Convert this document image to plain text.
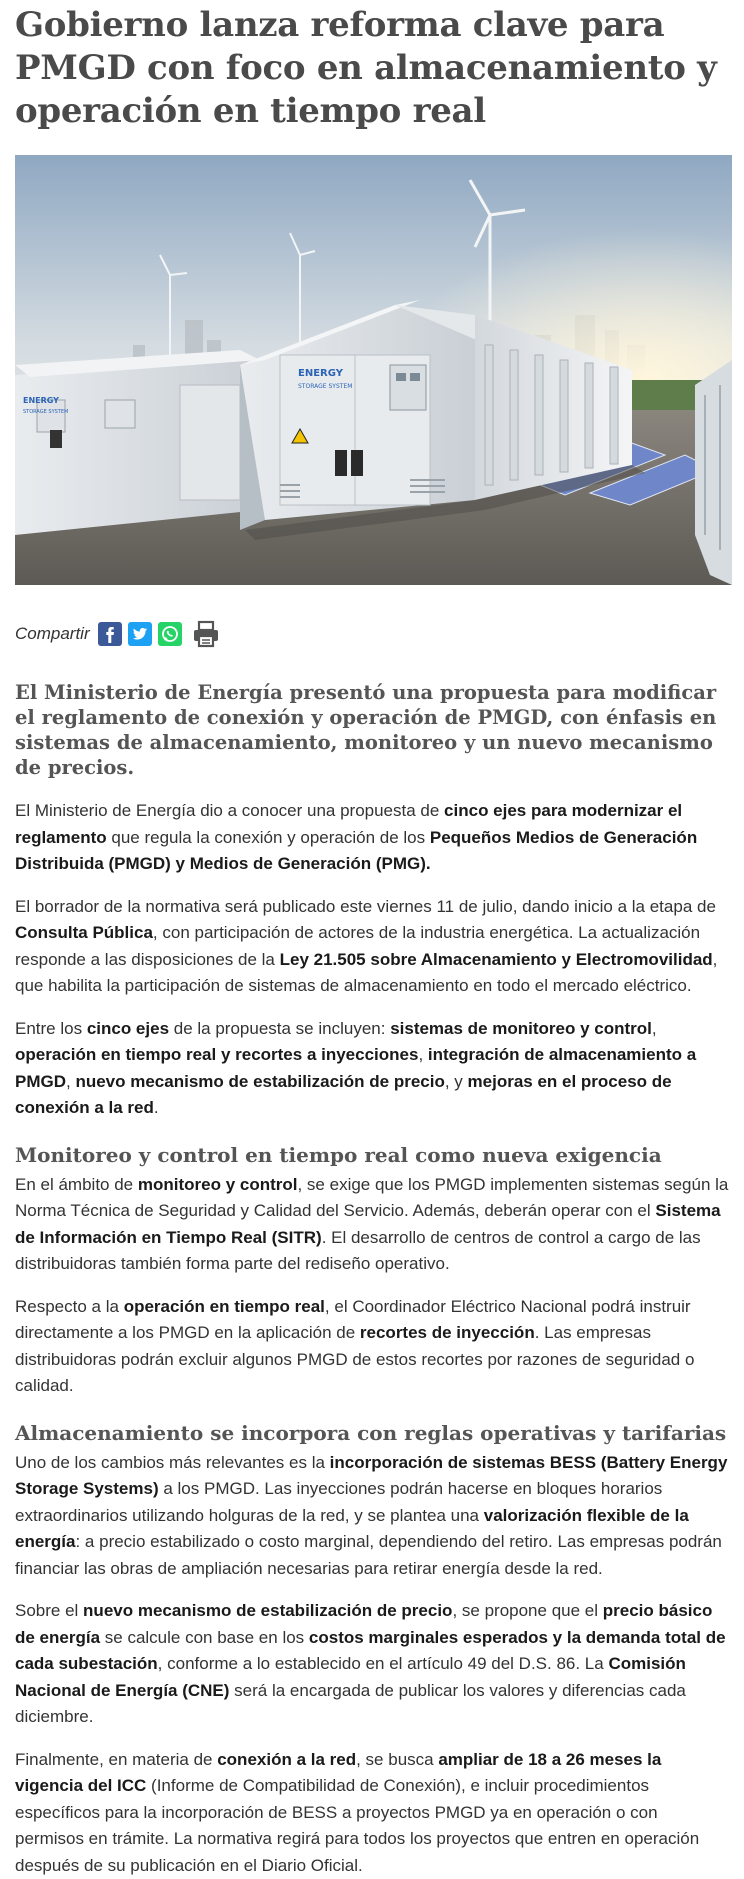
Gobierno lanza reforma clave para PMGD con foco en almacenamiento y operación en tiempo real
ENERGY
STORAGE SYSTEM
ENERGY
STORAGE SYSTEM
Compartir
El Ministerio de Energía presentó una propuesta para modificar el reglamento de conexión y operación de PMGD, con énfasis en sistemas de almacenamiento, monitoreo y un nuevo mecanismo de precios.

El Ministerio de Energía dio a conocer una propuesta de cinco ejes para modernizar el reglamento que regula la conexión y operación de los Pequeños Medios de Generación Distribuida (PMGD) y Medios de Generación (PMG).

El borrador de la normativa será publicado este viernes 11 de julio, dando inicio a la etapa de Consulta Pública, con participación de actores de la industria energética. La actualización responde a las disposiciones de la Ley 21.505 sobre Almacenamiento y Electromovilidad, que habilita la participación de sistemas de almacenamiento en todo el mercado eléctrico.

Entre los cinco ejes de la propuesta se incluyen: sistemas de monitoreo y control, operación en tiempo real y recortes a inyecciones, integración de almacenamiento a PMGD, nuevo mecanismo de estabilización de precio, y mejoras en el proceso de conexión a la red.

Monitoreo y control en tiempo real como nueva exigencia

En el ámbito de monitoreo y control, se exige que los PMGD implementen sistemas según la Norma Técnica de Seguridad y Calidad del Servicio. Además, deberán operar con el Sistema de Información en Tiempo Real (SITR). El desarrollo de centros de control a cargo de las distribuidoras también forma parte del rediseño operativo.

Respecto a la operación en tiempo real, el Coordinador Eléctrico Nacional podrá instruir directamente a los PMGD en la aplicación de recortes de inyección. Las empresas distribuidoras podrán excluir algunos PMGD de estos recortes por razones de seguridad o calidad.

Almacenamiento se incorpora con reglas operativas y tarifarias

Uno de los cambios más relevantes es la incorporación de sistemas BESS (Battery Energy Storage Systems) a los PMGD. Las inyecciones podrán hacerse en bloques horarios extraordinarios utilizando holguras de la red, y se plantea una valorización flexible de la energía: a precio estabilizado o costo marginal, dependiendo del retiro. Las empresas podrán financiar las obras de ampliación necesarias para retirar energía desde la red.

Sobre el nuevo mecanismo de estabilización de precio, se propone que el precio básico de energía se calcule con base en los costos marginales esperados y la demanda total de cada subestación, conforme a lo establecido en el artículo 49 del D.S. 86. La Comisión Nacional de Energía (CNE) será la encargada de publicar los valores y diferencias cada diciembre.

Finalmente, en materia de conexión a la red, se busca ampliar de 18 a 26 meses la vigencia del ICC (Informe de Compatibilidad de Conexión), e incluir procedimientos específicos para la incorporación de BESS a proyectos PMGD ya en operación o con permisos en trámite. La normativa regirá para todos los proyectos que entren en operación después de su publicación en el Diario Oficial.
